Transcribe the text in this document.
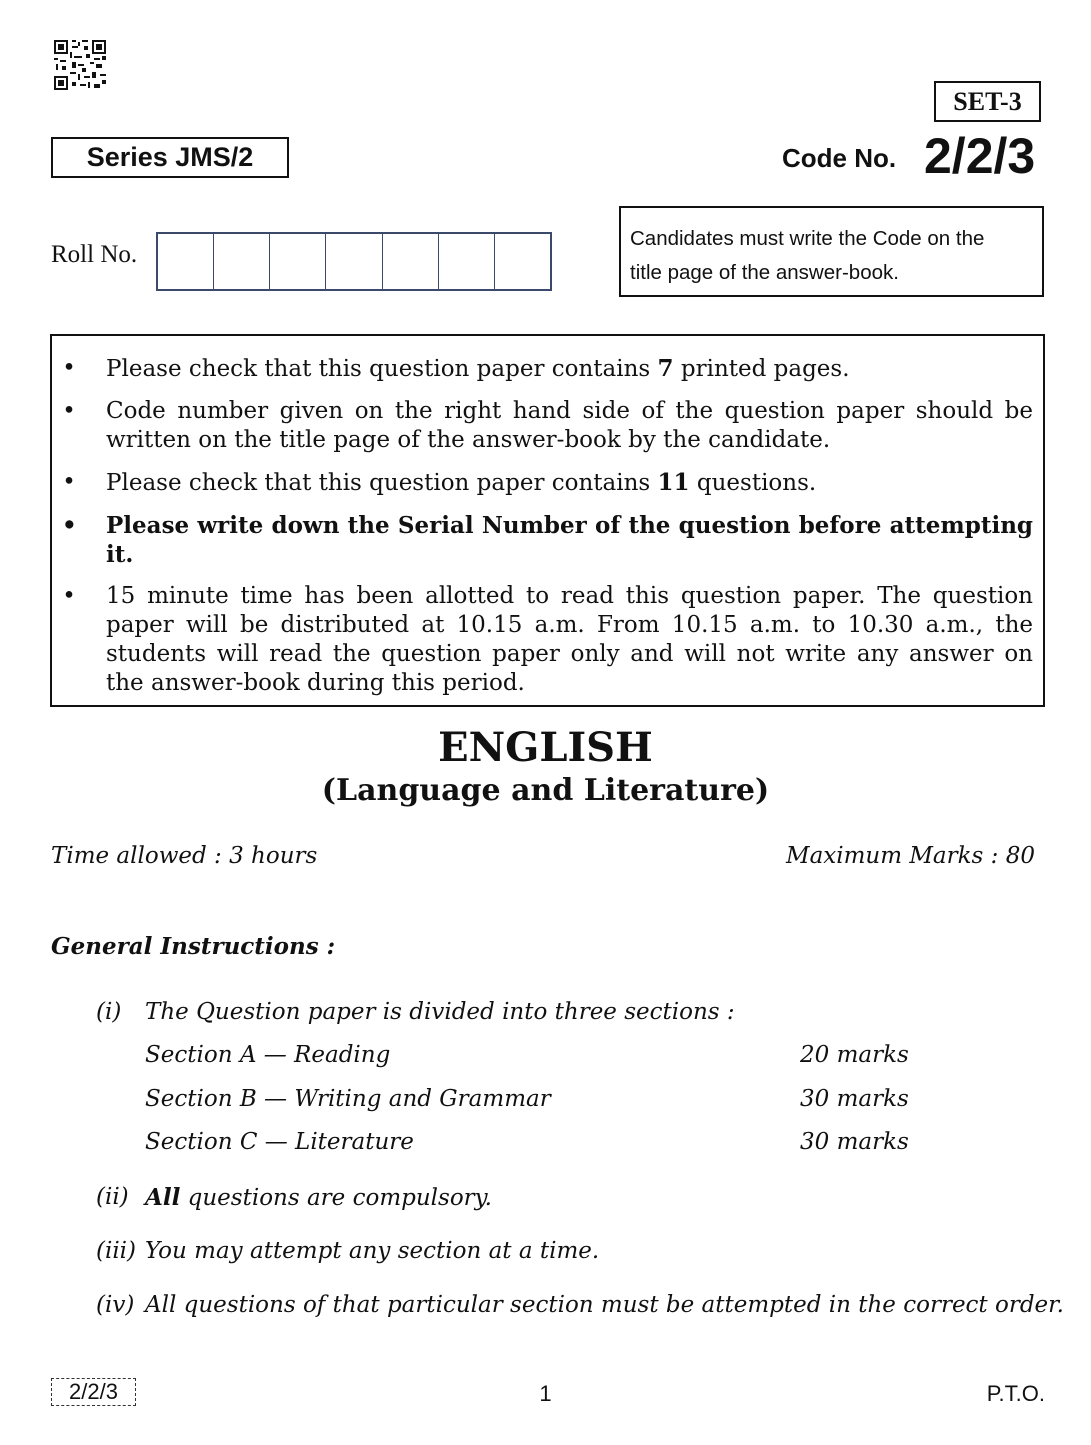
SET-3
Series JMS/2	Code No. 2/2/3
Roll No.
Candidates must write the Code on the
title page of the answer-book.
• Please check that this question paper contains 7 printed pages.
• Code number given on the right hand side of the question paper should be written on the title page of the answer-book by the candidate.
• Please check that this question paper contains 11 questions.
• Please write down the Serial Number of the question before attempting it.
• 15 minute time has been allotted to read this question paper. The question paper will be distributed at 10.15 a.m. From 10.15 a.m. to 10.30 a.m., the students will read the question paper only and will not write any answer on the answer-book during this period.
ENGLISH
(Language and Literature)
Time allowed : 3 hours	Maximum Marks : 80
General Instructions :
(i) The Question paper is divided into three sections :
Section A — Reading	20 marks
Section B — Writing and Grammar	30 marks
Section C — Literature	30 marks
(ii) All questions are compulsory.
(iii) You may attempt any section at a time.
(iv) All questions of that particular section must be attempted in the correct order.
2/2/3	1	P.T.O.
